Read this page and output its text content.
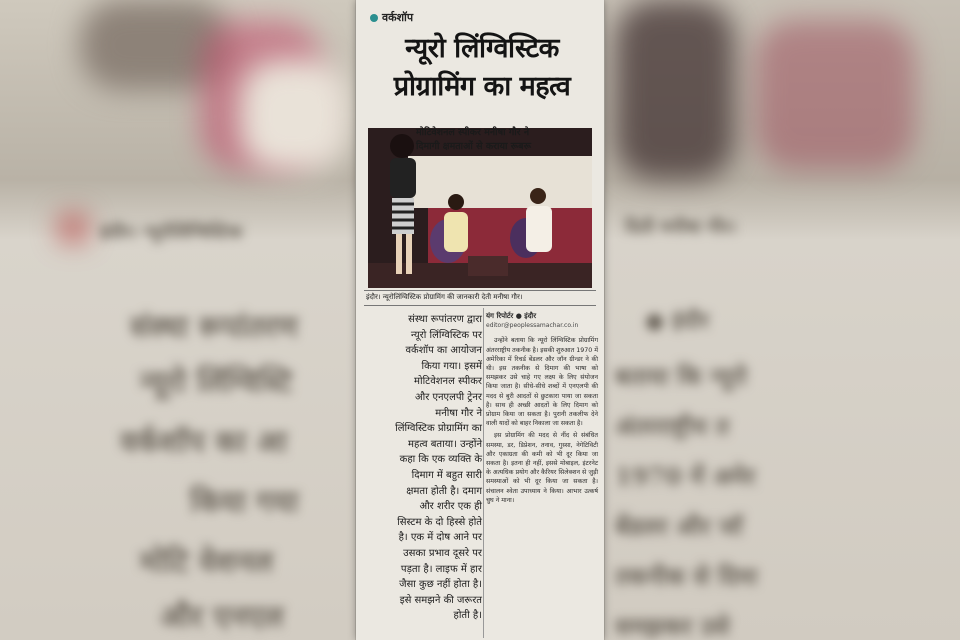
इंदौर। न्यूरोलिंग्विस्टिक
संस्था रूपांतरण
न्यूरो लिंग्विस्टि
वर्कशॉप का आ
किया गया
मोटि वेशनल
और एनएल
दिती मनीषा गौर।
● इंदौर
बताया कि न्यूरो
अंतरराष्ट्रीय त
1970 में अमेर
बेंडलर और जॉ
तकनीक से दिमा
समझकर उसे
वर्कशॉप
न्यूरो लिंग्विस्टिक
प्रोग्रामिंग का महत्व
मोटिवेशनल स्पीकर मनीषा गौर ने
दिमागी क्षमताओं से कराया रूबरू
इंदौर। न्यूरोलिंग्विस्टिक प्रोग्रामिंग की जानकारी देती मनीषा गौर।
संस्था रूपांतरण द्वारा
न्यूरो लिंग्विस्टिक पर
वर्कशॉप का आयोजन
किया गया। इसमें
मोटिवेशनल स्पीकर
और एनएलपी ट्रेनर
मनीषा गौर ने
लिंग्विस्टिक प्रोग्रामिंग का
महत्व बताया। उन्होंने
कहा कि एक व्यक्ति के
दिमाग में बहुत सारी
क्षमता होती है। दमाग
और शरीर एक ही
सिस्टम के दो हिस्से होते
है। एक में दोष आने पर
उसका प्रभाव दूसरे पर
पड़ता है। लाइफ में हार
जैसा कुछ नहीं होता है।
इसे समझने की जरूरत
होती है।
यंग रिपोर्टर ● इंदौर
editor@peoplessamachar.co.in

उन्होंने बताया कि न्यूरो लिंग्विस्टिक प्रोग्रामिंग अंतरराष्ट्रीय तकनीक है। इसकी शुरुआत 1970 में अमेरिका में रिचर्ड बेंडलर और जॉन ग्रीन्डर ने की थी। इस तकनीक से दिमाग की भाषा को समझकर उसे चाहे गए लक्ष्य के लिए संयोजन किया जाता है। सीधे-सीधे शब्दों में एनएलपी की मदद से बुरी आदतों से छुटकारा पाया जा सकता है। साथ ही अच्छी आदतों के लिए दिमाग को प्रोग्राम किया जा सकता है। पुरानी तकलीफ देने वाली यादों को बाहर निकाला जा सकता है।

इस प्रोग्रामिंग की मदद से नींद से संबंधित समस्या, डर, डिप्रेशन, तनाव, गुस्सा, नेगेटिविटी और एकाग्रता की कमी को भी दूर किया जा सकता है। इतना ही नहीं, इससे मोबाइल, इंटरनेट के अत्यधिक प्रयोग और कैरियर सिलेक्शन से जुड़ी समस्याओं को भी दूर किया जा सकता है। संचालन श्वेता उपाध्याय ने किया। आभार उत्कर्ष चुघ ने माना।
